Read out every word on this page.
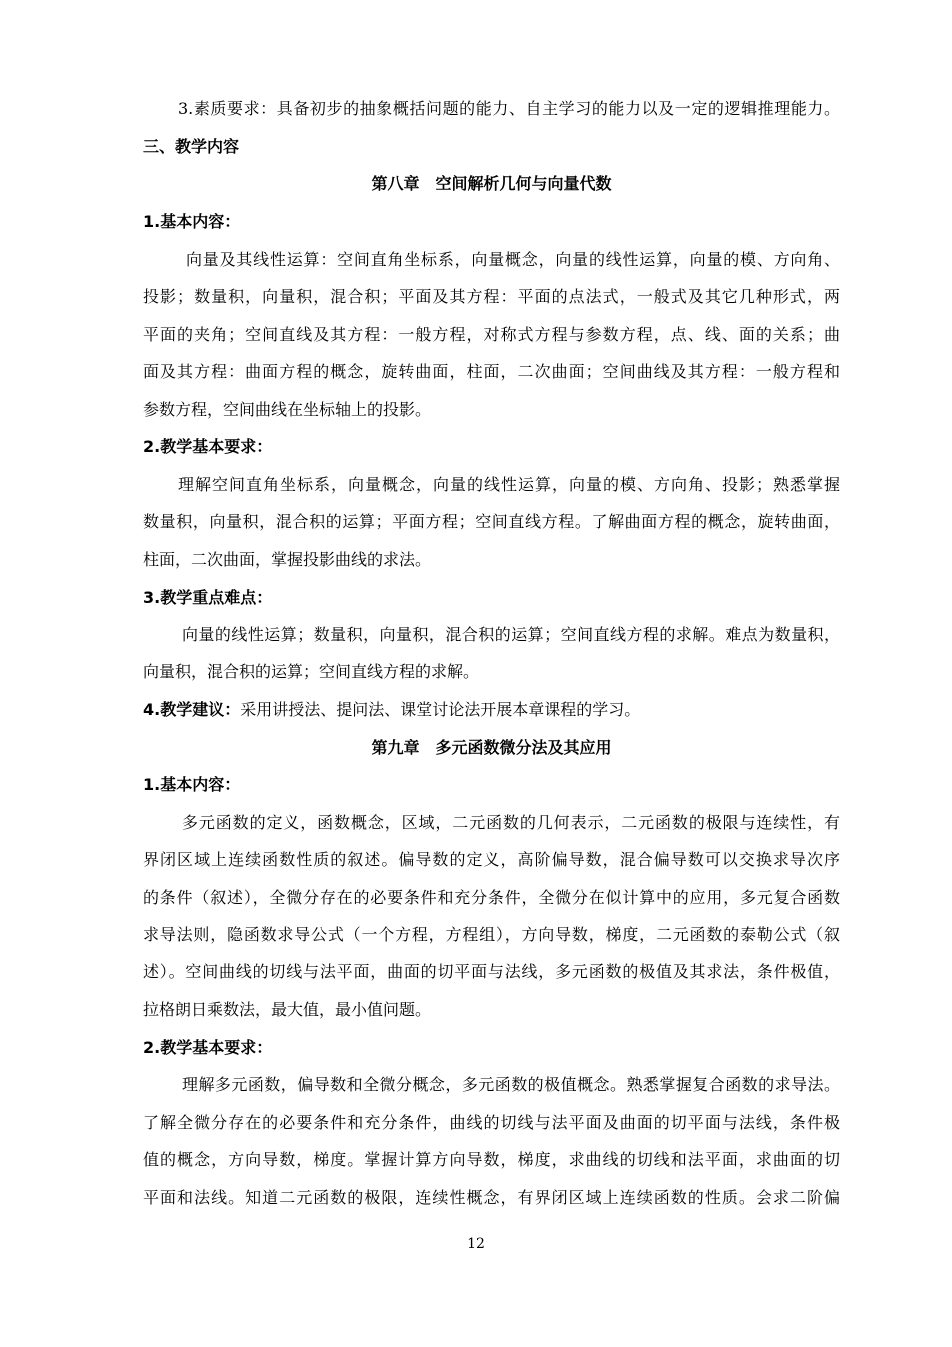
3.素质要求：具备初步的抽象概括问题的能力、自主学习的能力以及一定的逻辑推理能力。
三、教学内容
第八章　空间解析几何与向量代数
1.基本内容：
向量及其线性运算：空间直角坐标系，向量概念，向量的线性运算，向量的模、方向角、
投影；数量积，向量积，混合积；平面及其方程：平面的点法式，一般式及其它几种形式，两
平面的夹角；空间直线及其方程：一般方程，对称式方程与参数方程，点、线、面的关系；曲
面及其方程：曲面方程的概念，旋转曲面，柱面，二次曲面；空间曲线及其方程：一般方程和
参数方程，空间曲线在坐标轴上的投影。
2.教学基本要求：
理解空间直角坐标系，向量概念，向量的线性运算，向量的模、方向角、投影；熟悉掌握
数量积，向量积，混合积的运算；平面方程；空间直线方程。了解曲面方程的概念，旋转曲面，
柱面，二次曲面，掌握投影曲线的求法。
3.教学重点难点：
向量的线性运算；数量积，向量积，混合积的运算；空间直线方程的求解。难点为数量积，
向量积，混合积的运算；空间直线方程的求解。
4.教学建议：采用讲授法、提问法、课堂讨论法开展本章课程的学习。
第九章　多元函数微分法及其应用
1.基本内容：
多元函数的定义，函数概念，区域，二元函数的几何表示，二元函数的极限与连续性，有
界闭区域上连续函数性质的叙述。偏导数的定义，高阶偏导数，混合偏导数可以交换求导次序
的条件（叙述），全微分存在的必要条件和充分条件，全微分在似计算中的应用，多元复合函数
求导法则，隐函数求导公式（一个方程，方程组），方向导数，梯度，二元函数的泰勒公式（叙
述）。空间曲线的切线与法平面，曲面的切平面与法线，多元函数的极值及其求法，条件极值，
拉格朗日乘数法，最大值，最小值问题。
2.教学基本要求：
理解多元函数，偏导数和全微分概念，多元函数的极值概念。熟悉掌握复合函数的求导法。
了解全微分存在的必要条件和充分条件，曲线的切线与法平面及曲面的切平面与法线，条件极
值的概念，方向导数，梯度。掌握计算方向导数，梯度，求曲线的切线和法平面，求曲面的切
平面和法线。知道二元函数的极限，连续性概念，有界闭区域上连续函数的性质。会求二阶偏
12
